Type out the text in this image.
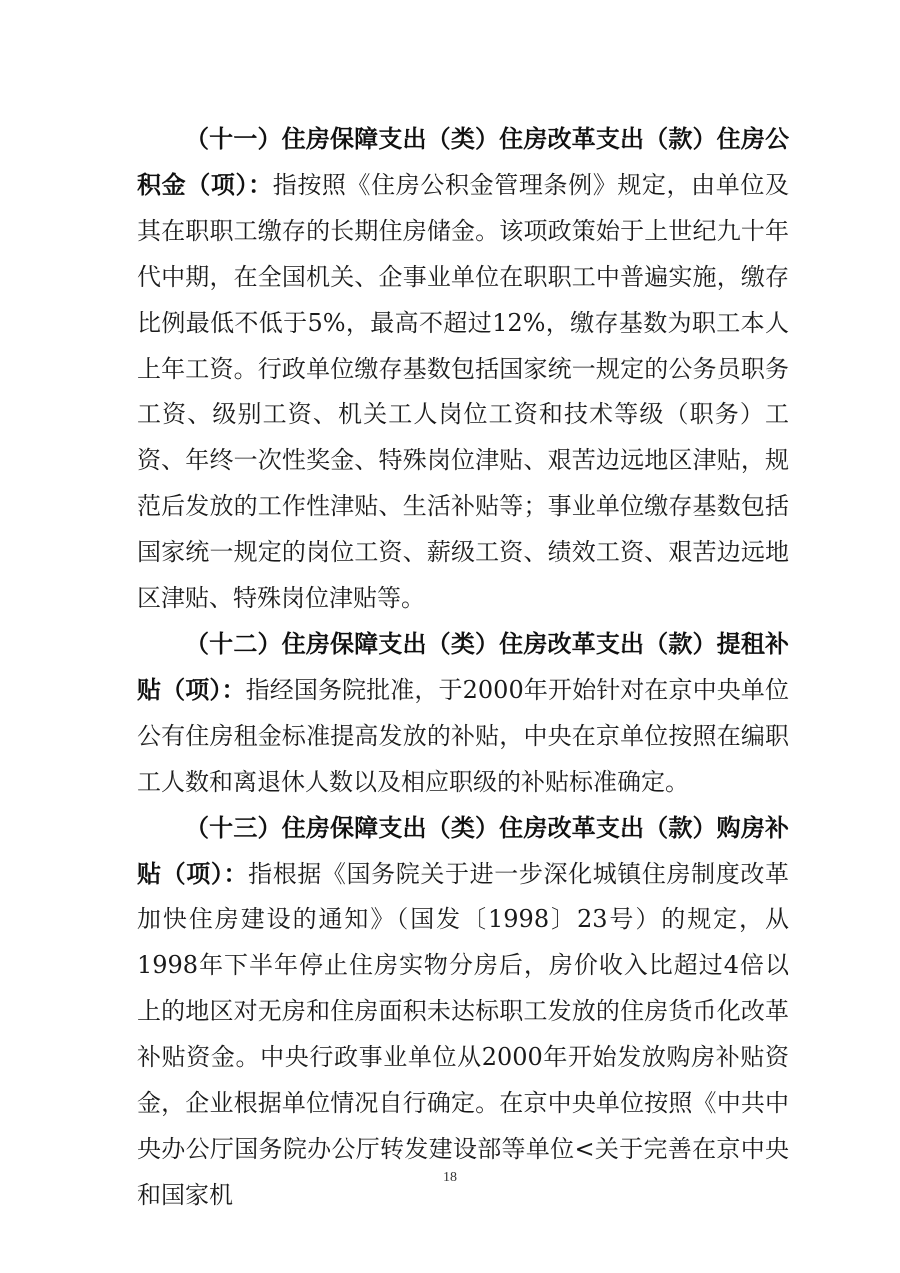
（十一）住房保障支出（类）住房改革支出（款）住房公积金（项）：指按照《住房公积金管理条例》规定，由单位及其在职职工缴存的长期住房储金。该项政策始于上世纪九十年代中期，在全国机关、企事业单位在职职工中普遍实施，缴存比例最低不低于5%，最高不超过12%，缴存基数为职工本人上年工资。行政单位缴存基数包括国家统一规定的公务员职务工资、级别工资、机关工人岗位工资和技术等级（职务）工资、年终一次性奖金、特殊岗位津贴、艰苦边远地区津贴，规范后发放的工作性津贴、生活补贴等；事业单位缴存基数包括国家统一规定的岗位工资、薪级工资、绩效工资、艰苦边远地区津贴、特殊岗位津贴等。

（十二）住房保障支出（类）住房改革支出（款）提租补贴（项）：指经国务院批准，于2000年开始针对在京中央单位公有住房租金标准提高发放的补贴，中央在京单位按照在编职工人数和离退休人数以及相应职级的补贴标准确定。

（十三）住房保障支出（类）住房改革支出（款）购房补贴（项）：指根据《国务院关于进一步深化城镇住房制度改革加快住房建设的通知》（国发〔1998〕23号）的规定，从1998年下半年停止住房实物分房后，房价收入比超过4倍以上的地区对无房和住房面积未达标职工发放的住房货币化改革补贴资金。中央行政事业单位从2000年开始发放购房补贴资金，企业根据单位情况自行确定。在京中央单位按照《中共中央办公厅国务院办公厅转发建设部等单位<关于完善在京中央和国家机

18
